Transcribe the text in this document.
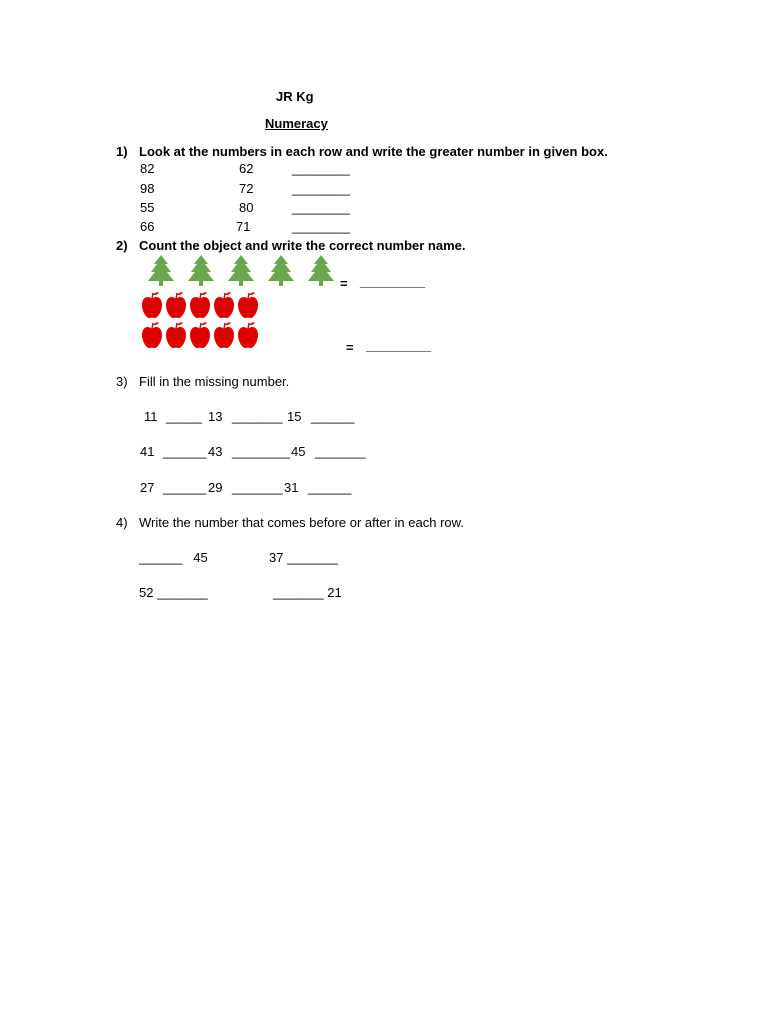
JR Kg
Numeracy
1) Look at the numbers in each row and write the greater number in given box.
82	62	________
98	72	________
55	80	________
66	71	________
2) Count the object and write the correct number name.
= _________
= _________
3) Fill in the missing number.
11 _____ 13 _______ 15 ______
41 ______ 43 ________ 45 _______
27 ______ 29 _______ 31 ______
4) Write the number that comes before or after in each row.
______   45	37 _______
52 _______	_______ 21
